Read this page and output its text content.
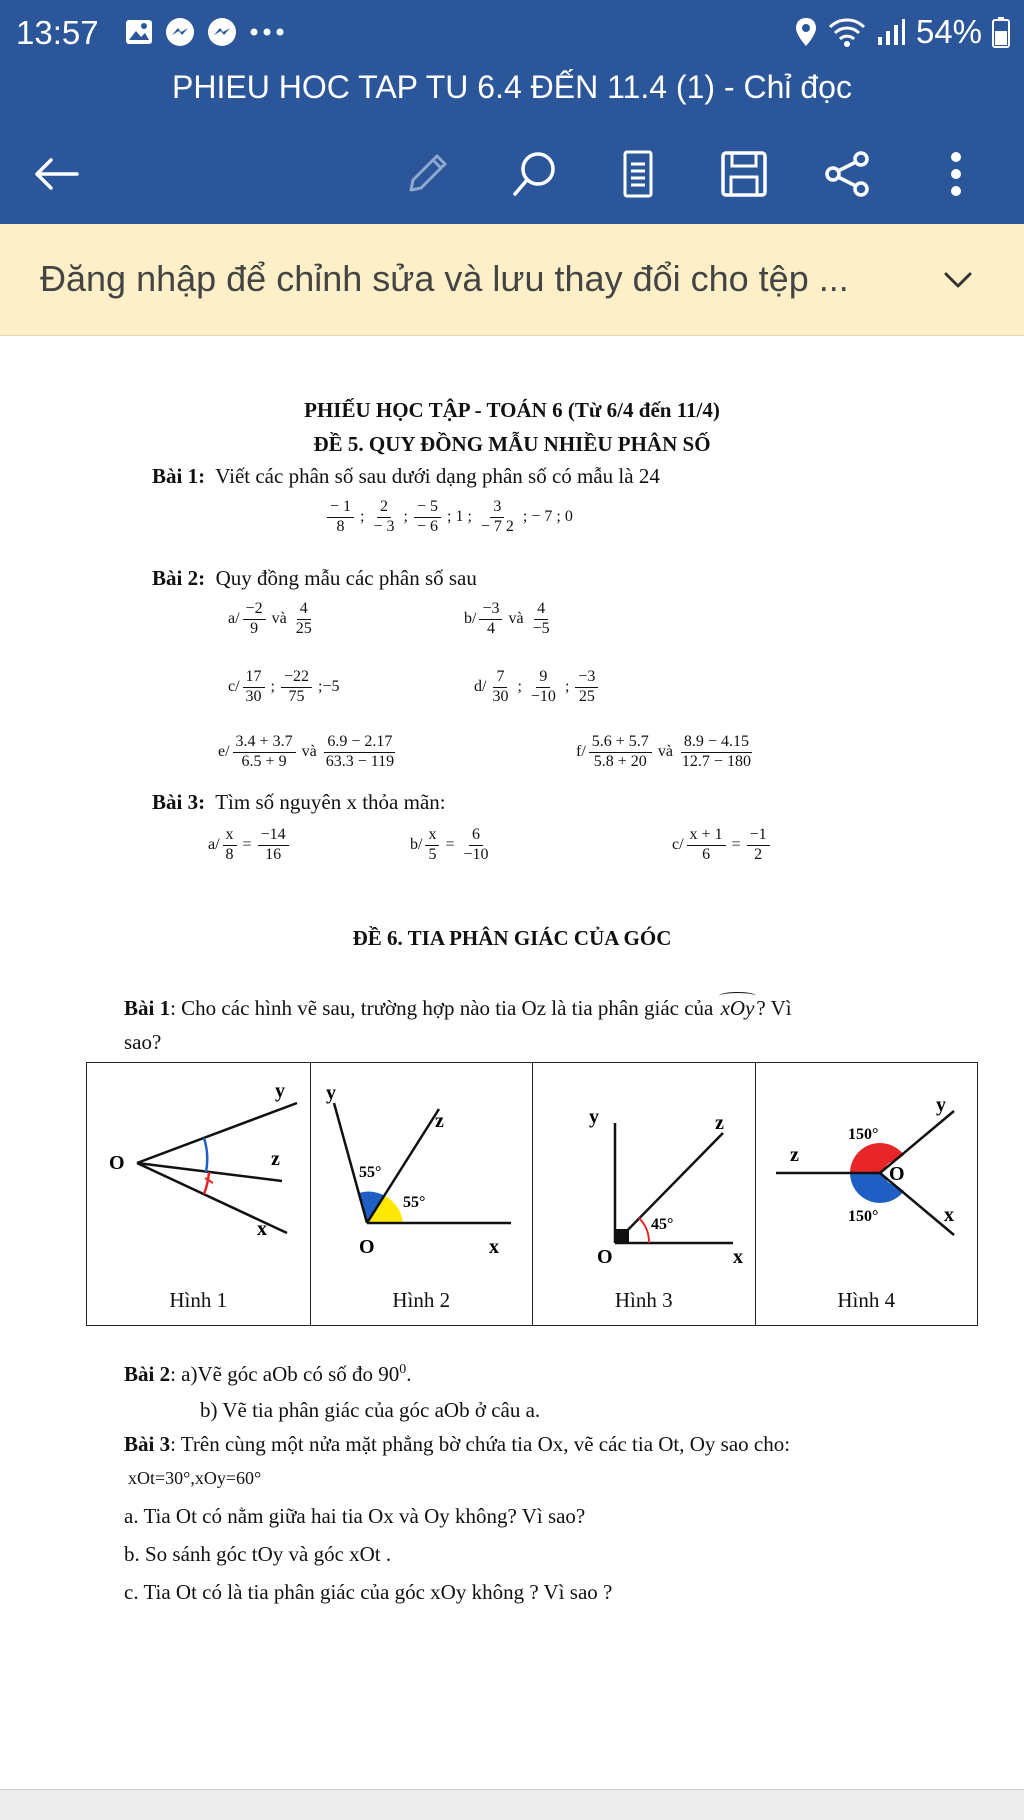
13:57	54%
PHIEU HOC TAP TU 6.4 ĐẾN 11.4 (1) - Chỉ đọc
Đăng nhập để chỉnh sửa và lưu thay đổi cho tệp ...
PHIẾU HỌC TẬP - TOÁN 6 (Từ 6/4 đến 11/4)
ĐỀ 5. QUY ĐỒNG MẪU NHIỀU PHÂN SỐ
Bài 1: Viết các phân số sau dưới dạng phân số có mẫu là 24
$\frac{- 1}{8}$ ; $\frac{2}{- 3}$ ; $\frac{- 5}{- 6}$ ; 1 ; $\frac{3}{- 7 2}$ ; − 7 ; 0
Bài 2: Quy đồng mẫu các phân số sau
$a/ \frac{-2}{9}$ và $\frac{4}{25}$	$b/ \frac{-3}{4}$ và $\frac{4}{-5}$
$c/ \frac{17}{30}$ ; $\frac{-22}{75}$ ;−5	$d/ \frac{7}{30}$ ; $\frac{9}{-10}$ ; $\frac{-3}{25}$
$e/ \frac{3.4 + 3.7}{6.5 + 9}$ và $\frac{6.9 - 2.17}{63.3 - 119}$	$f/ \frac{5.6 + 5.7}{5.8 + 20}$ và $\frac{8.9 - 4.15}{12.7 - 180}$
Bài 3: Tìm số nguyên x thỏa mãn:
$a/ \frac{x}{8} = \frac{-14}{16}$	$b/ \frac{x}{5} = \frac{6}{-10}$	$c/ \frac{x + 1}{6} = \frac{-1}{2}$
ĐỀ 6. TIA PHÂN GIÁC CỦA GÓC
Bài 1: Cho các hình vẽ sau, trường hợp nào tia Oz là tia phân giác của xOy? Vì
sao?
O
y
z
x
Hình 1
y
z
O	x
55°
55°
Hình 2
y	z
O	x
45°
Hình 3
O
z
y
x
150°
150°
Hình 4
Bài 2: a)Vẽ góc aOb có số đo $90^0$.
b) Vẽ tia phân giác của góc aOb ở câu a.
Bài 3: Trên cùng một nửa mặt phẳng bờ chứa tia Ox, vẽ các tia Ot, Oy sao cho:
xOt=30°,xOy=60°
a. Tia Ot có nằm giữa hai tia Ox và Oy không? Vì sao?
b. So sánh góc tOy và góc xOt .
c. Tia Ot có là tia phân giác của góc xOy không ? Vì sao ?
